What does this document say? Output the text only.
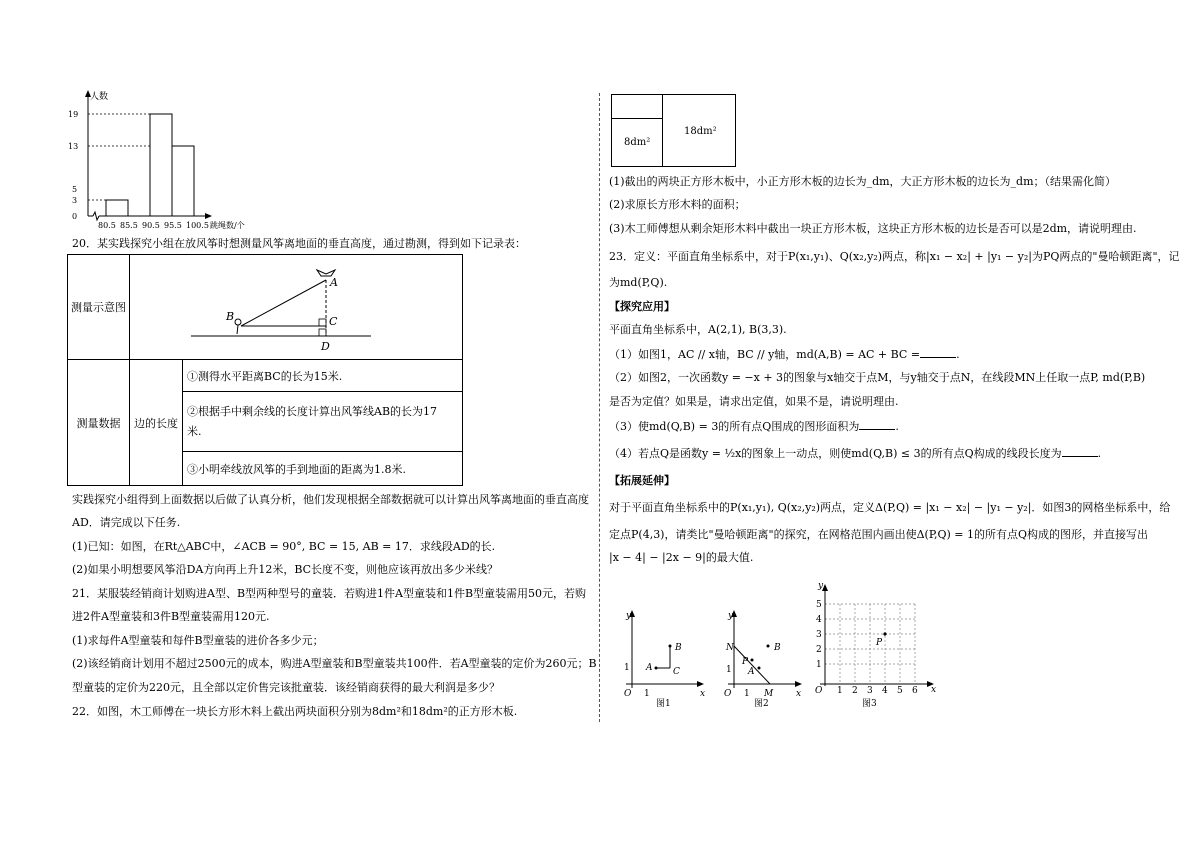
人数
19
13
5
3
0
80.5 85.5 90.5 95.5 100.5 跳绳数/个
20．某实践探究小组在放风筝时想测量风筝离地面的垂直高度，通过勘测，得到如下记录表：
测量示意图	A
B C
D	

测量数据	边的长度	①测得水平距离BC的长为15米.

		②根据手中剩余线的长度计算出风筝线AB的长为17
米.

		③小明牵线放风筝的手到地面的距离为1.8米.
实践探究小组得到上面数据以后做了认真分析，他们发现根据全部数据就可以计算出风筝离地面的垂直高度
AD．请完成以下任务.
(1)已知：如图，在Rt△ABC中，∠ACB = 90°, BC = 15, AB = 17．求线段AD的长.
(2)如果小明想要风筝沿DA方向再上升12米，BC长度不变，则他应该再放出多少米线？
21．某服装经销商计划购进A型、B型两种型号的童装．若购进1件A型童装和1件B型童装需用50元，若购
进2件A型童装和3件B型童装需用120元.
(1)求每件A型童装和每件B型童装的进价各多少元；
(2)该经销商计划用不超过2500元的成本，购进A型童装和B型童装共100件．若A型童装的定价为260元；B
型童装的定价为220元，且全部以定价售完该批童装．该经销商获得的最大利润是多少？
22．如图，木工师傅在一块长方形木料上截出两块面积分别为8dm²和18dm²的正方形木板.
8dm²
18dm²
(1)截出的两块正方形木板中，小正方形木板的边长为_dm，大正方形木板的边长为_dm；（结果需化简）
(2)求原长方形木料的面积；
(3)木工师傅想从剩余矩形木料中截出一块正方形木板，这块正方形木板的边长是否可以是2dm，请说明理由.
23．定义：平面直角坐标系中，对于P(x₁,y₁)、Q(x₂,y₂)两点，称|x₁ − x₂| + |y₁ − y₂|为PQ两点的"曼哈顿距离"，记
为md(P,Q).
【探究应用】
平面直角坐标系中，A(2,1), B(3,3).
（1）如图1，AC // x轴，BC // y轴，md(A,B) = AC + BC =	.
（2）如图2，一次函数y = −x + 3的图象与x轴交于点M，与y轴交于点N，在线段MN上任取一点P, md(P,B)
是否为定值？如果是，请求出定值，如果不是，请说明理由.
（3）使md(Q,B) = 3的所有点Q围成的图形面积为	.
（4）若点Q是函数y = ½x的图象上一动点，则使md(Q,B) ≤ 3的所有点Q构成的线段长度为	.
【拓展延伸】
对于平面直角坐标系中的P(x₁,y₁), Q(x₂,y₂)两点，定义Δ(P,Q) = |x₁ − x₂| − |y₁ − y₂|．如图3的网格坐标系中，给
定点P(4,3)，请类比"曼哈顿距离"的探究，在网格范围内画出使Δ(P,Q) = 1的所有点Q构成的图形，并直接写出
|x − 4| − |2x − 9|的最大值.
y
x
O 1
1 A
B
C
图1
y
x
O 1
1
N
M
B
P
A
图2
P
y
x
O 1 2 3 4 5 6
1
2
3
4
5
图3
